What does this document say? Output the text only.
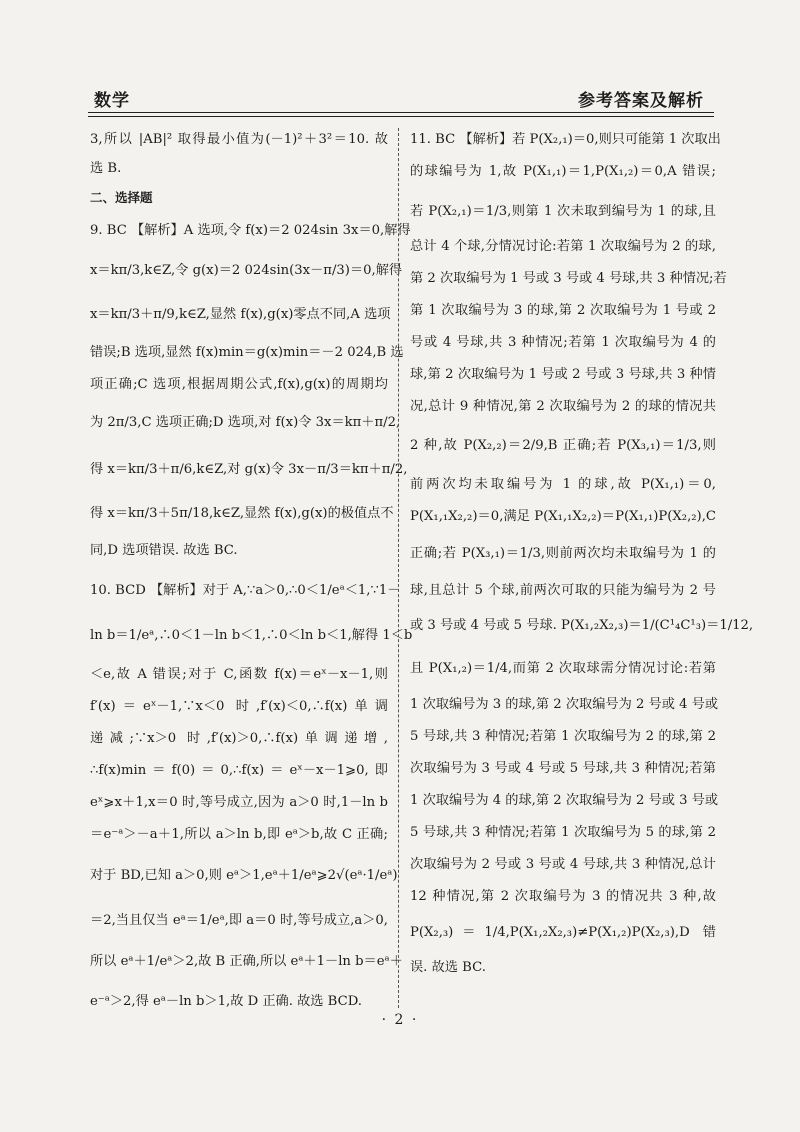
数学	参考答案及解析
3,所以 |AB|² 取得最小值为(－1)²＋3²＝10. 故
选 B.
二、选择题
9. BC 【解析】A 选项,令 f(x)＝2 024sin 3x＝0,解得
x＝kπ/3,k∈Z,令 g(x)＝2 024sin(3x－π/3)＝0,解得
x＝kπ/3＋π/9,k∈Z,显然 f(x),g(x)零点不同,A 选项
错误;B 选项,显然 f(x)min＝g(x)min＝－2 024,B 选
项正确;C 选项,根据周期公式,f(x),g(x)的周期均
为 2π/3,C 选项正确;D 选项,对 f(x)令 3x＝kπ＋π/2,
得 x＝kπ/3＋π/6,k∈Z,对 g(x)令 3x－π/3＝kπ＋π/2,
得 x＝kπ/3＋5π/18,k∈Z,显然 f(x),g(x)的极值点不
同,D 选项错误. 故选 BC.
10. BCD 【解析】对于 A,∵a＞0,∴0＜1/eᵃ＜1,∵1－
ln b＝1/eᵃ,∴0＜1－ln b＜1,∴0＜ln b＜1,解得 1＜b
＜e,故 A 错误;对于 C,函数 f(x)＝eˣ－x－1,则
f′(x)＝eˣ－1,∵x＜0 时,f′(x)＜0,∴f(x)单调
递减;∵x＞0 时,f′(x)＞0,∴f(x)单调递增,
∴f(x)min＝f(0)＝0,∴f(x)＝eˣ－x－1⩾0,即
eˣ⩾x＋1,x＝0 时,等号成立,因为 a＞0 时,1－ln b
＝e⁻ᵃ＞－a＋1,所以 a＞ln b,即 eᵃ＞b,故 C 正确;
对于 BD,已知 a＞0,则 eᵃ＞1,eᵃ＋1/eᵃ⩾2√(eᵃ·1/eᵃ)
＝2,当且仅当 eᵃ＝1/eᵃ,即 a＝0 时,等号成立,a＞0,
所以 eᵃ＋1/eᵃ＞2,故 B 正确,所以 eᵃ＋1－ln b＝eᵃ＋
e⁻ᵃ＞2,得 eᵃ－ln b＞1,故 D 正确. 故选 BCD.
11. BC 【解析】若 P(X₂,₁)＝0,则只可能第 1 次取出
的球编号为 1,故 P(X₁,₁)＝1,P(X₁,₂)＝0,A 错误;
若 P(X₂,₁)＝1/3,则第 1 次未取到编号为 1 的球,且
总计 4 个球,分情况讨论:若第 1 次取编号为 2 的球,
第 2 次取编号为 1 号或 3 号或 4 号球,共 3 种情况;若
第 1 次取编号为 3 的球,第 2 次取编号为 1 号或 2
号或 4 号球,共 3 种情况;若第 1 次取编号为 4 的
球,第 2 次取编号为 1 号或 2 号或 3 号球,共 3 种情
况,总计 9 种情况,第 2 次取编号为 2 的球的情况共
2 种,故 P(X₂,₂)＝2/9,B 正确;若 P(X₃,₁)＝1/3,则
前两次均未取编号为 1 的球,故 P(X₁,₁)＝0,
P(X₁,₁X₂,₂)＝0,满足 P(X₁,₁X₂,₂)＝P(X₁,₁)P(X₂,₂),C
正确;若 P(X₃,₁)＝1/3,则前两次均未取编号为 1 的
球,且总计 5 个球,前两次可取的只能为编号为 2 号
或 3 号或 4 号或 5 号球. P(X₁,₂X₂,₃)＝1/(C¹₄C¹₃)＝1/12,
且 P(X₁,₂)＝1/4,而第 2 次取球需分情况讨论:若第
1 次取编号为 3 的球,第 2 次取编号为 2 号或 4 号或
5 号球,共 3 种情况;若第 1 次取编号为 2 的球,第 2
次取编号为 3 号或 4 号或 5 号球,共 3 种情况;若第
1 次取编号为 4 的球,第 2 次取编号为 2 号或 3 号或
5 号球,共 3 种情况;若第 1 次取编号为 5 的球,第 2
次取编号为 2 号或 3 号或 4 号球,共 3 种情况,总计
12 种情况,第 2 次取编号为 3 的情况共 3 种,故
P(X₂,₃)＝1/4,P(X₁,₂X₂,₃)≠P(X₁,₂)P(X₂,₃),D 错
误. 故选 BC.
· 2 ·
